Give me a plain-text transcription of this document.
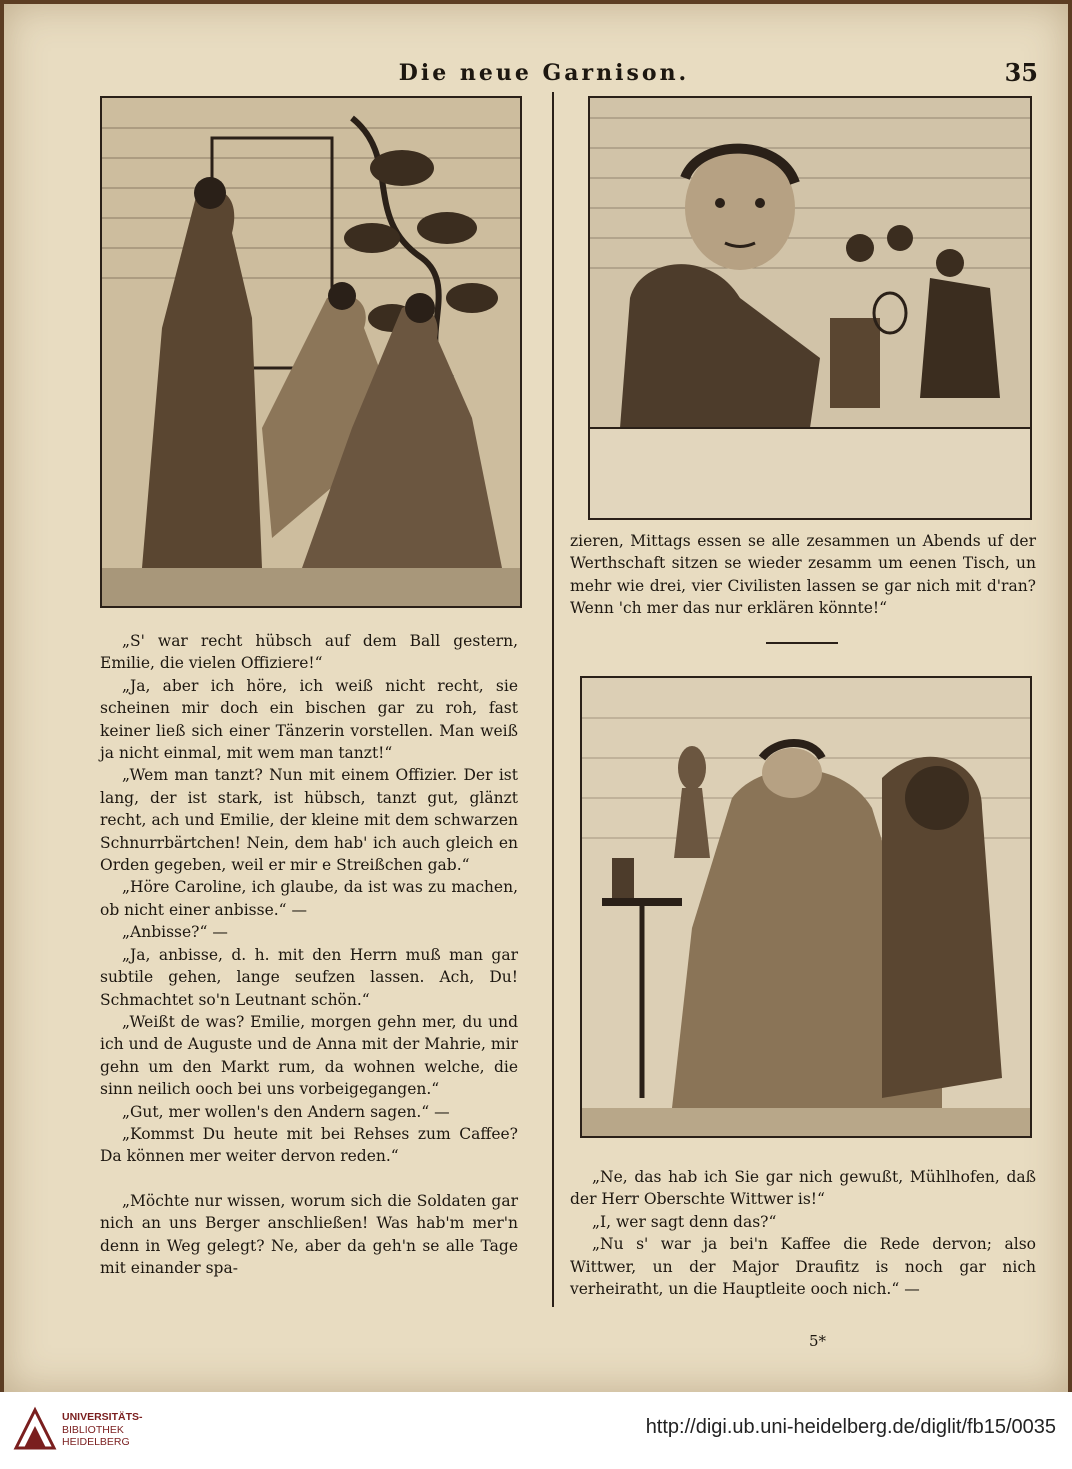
Die neue Garnison.	35

„S' war recht hübsch auf dem Ball gestern, Emilie, die vielen Offiziere!“

„Ja, aber ich höre, ich weiß nicht recht, sie scheinen mir doch ein bischen gar zu roh, fast keiner ließ sich einer Tänzerin vorstellen. Man weiß ja nicht einmal, mit wem man tanzt!“

„Wem man tanzt? Nun mit einem Offizier. Der ist lang, der ist stark, ist hübsch, tanzt gut, glänzt recht, ach und Emilie, der kleine mit dem schwarzen Schnurrbärtchen! Nein, dem hab' ich auch gleich en Orden gegeben, weil er mir e Streißchen gab.“

„Höre Caroline, ich glaube, da ist was zu machen, ob nicht einer anbisse.“ —

„Anbisse?“ —

„Ja, anbisse, d. h. mit den Herrn muß man gar subtile gehen, lange seufzen lassen. Ach, Du! Schmachtet so'n Leutnant schön.“

„Weißt de was? Emilie, morgen gehn mer, du und ich und de Auguste und de Anna mit der Mahrie, mir gehn um den Markt rum, da wohnen welche, die sinn neilich ooch bei uns vorbeigegangen.“

„Gut, mer wollen's den Andern sagen.“ —

„Kommst Du heute mit bei Rehses zum Caffee? Da können mer weiter dervon reden.“

„Möchte nur wissen, worum sich die Soldaten gar nich an uns Berger anschließen! Was hab'm mer'n denn in Weg gelegt? Ne, aber da geh'n se alle Tage mit einander spa-

zieren, Mittags essen se alle zesammen un Abends uf der Werthschaft sitzen se wieder zesamm um eenen Tisch, un mehr wie drei, vier Civilisten lassen se gar nich mit d'ran? Wenn 'ch mer das nur erklären könnte!“

„Ne, das hab ich Sie gar nich gewußt, Mühlhofen, daß der Herr Oberschte Wittwer is!“

„I, wer sagt denn das?“

„Nu s' war ja bei'n Kaffee die Rede dervon; also Wittwer, un der Major Draufitz is noch gar nich verheiratht, un die Hauptleite ooch nich.“ —

5*
UNIVERSITÄTS-
BIBLIOTHEK
HEIDELBERG
http://digi.ub.uni-heidelberg.de/diglit/fb15/0035
